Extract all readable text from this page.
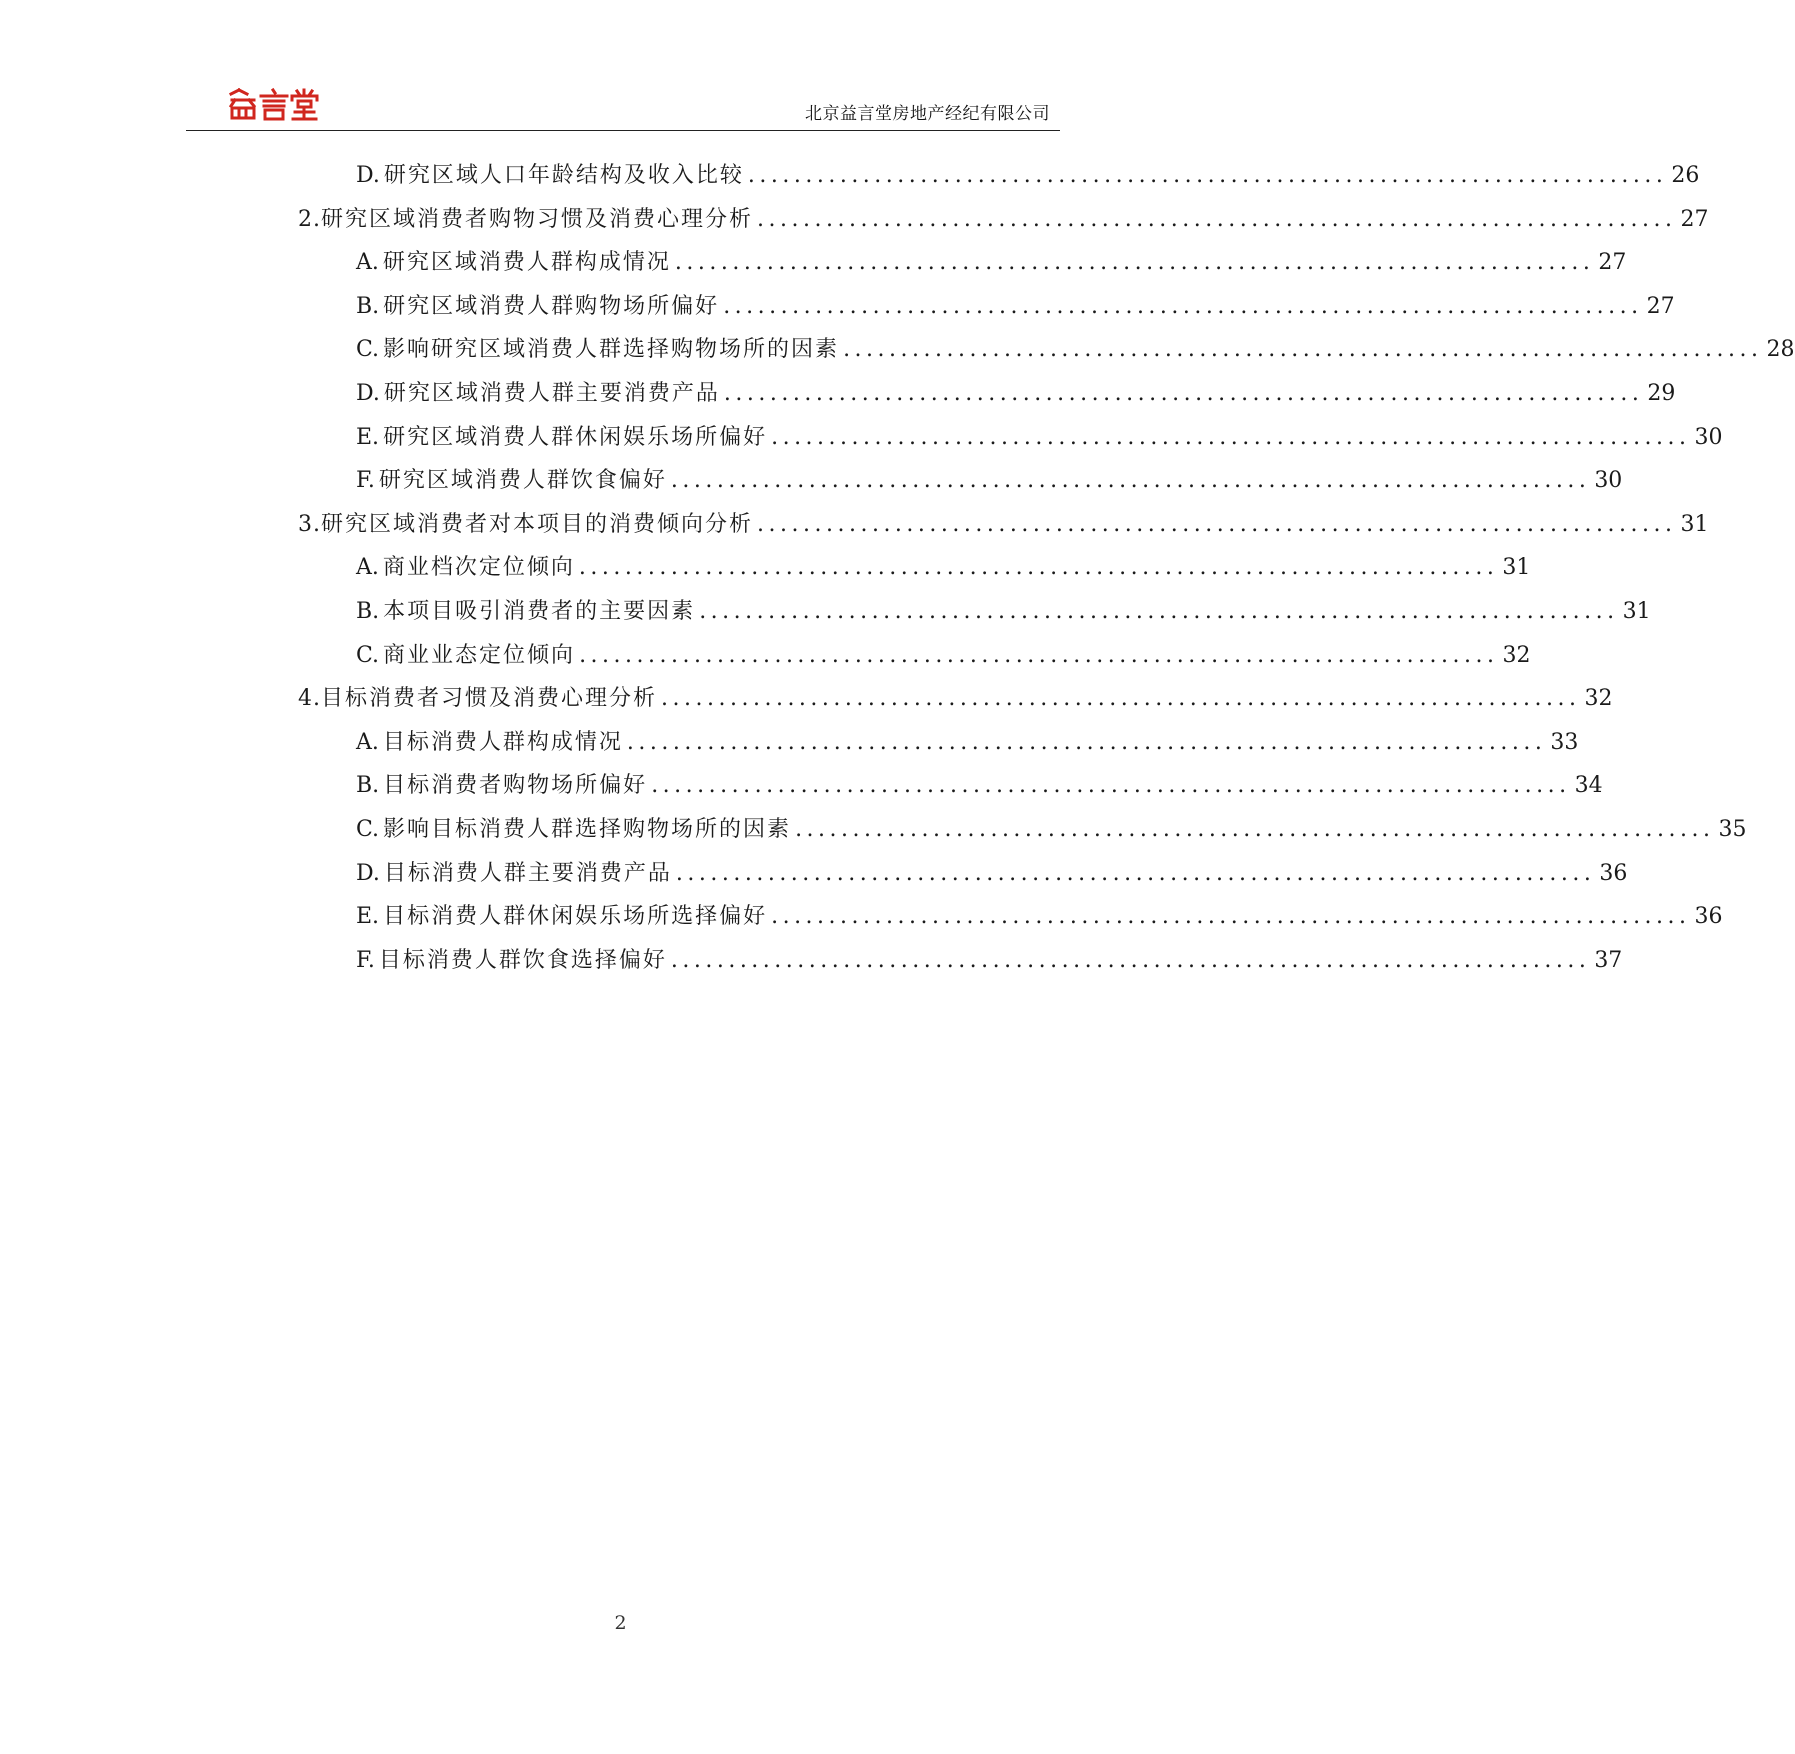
北京益言堂房地产经纪有限公司
D. 研究区域人口年龄结构及收入比较 ................................................................................ 26
2. 研究区域消费者购物习惯及消费心理分析 ................................................................................ 27
A. 研究区域消费人群构成情况 ................................................................................ 27
B. 研究区域消费人群购物场所偏好 ................................................................................ 27
C. 影响研究区域消费人群选择购物场所的因素 ................................................................................ 28
D. 研究区域消费人群主要消费产品 ................................................................................ 29
E. 研究区域消费人群休闲娱乐场所偏好 ................................................................................ 30
F. 研究区域消费人群饮食偏好 ................................................................................ 30
3. 研究区域消费者对本项目的消费倾向分析 ................................................................................ 31
A. 商业档次定位倾向 ................................................................................ 31
B. 本项目吸引消费者的主要因素 ................................................................................ 31
C. 商业业态定位倾向 ................................................................................ 32
4. 目标消费者习惯及消费心理分析 ................................................................................ 32
A. 目标消费人群构成情况 ................................................................................ 33
B. 目标消费者购物场所偏好 ................................................................................ 34
C. 影响目标消费人群选择购物场所的因素 ................................................................................ 35
D. 目标消费人群主要消费产品 ................................................................................ 36
E. 目标消费人群休闲娱乐场所选择偏好 ................................................................................ 36
F. 目标消费人群饮食选择偏好 ................................................................................ 37
2
